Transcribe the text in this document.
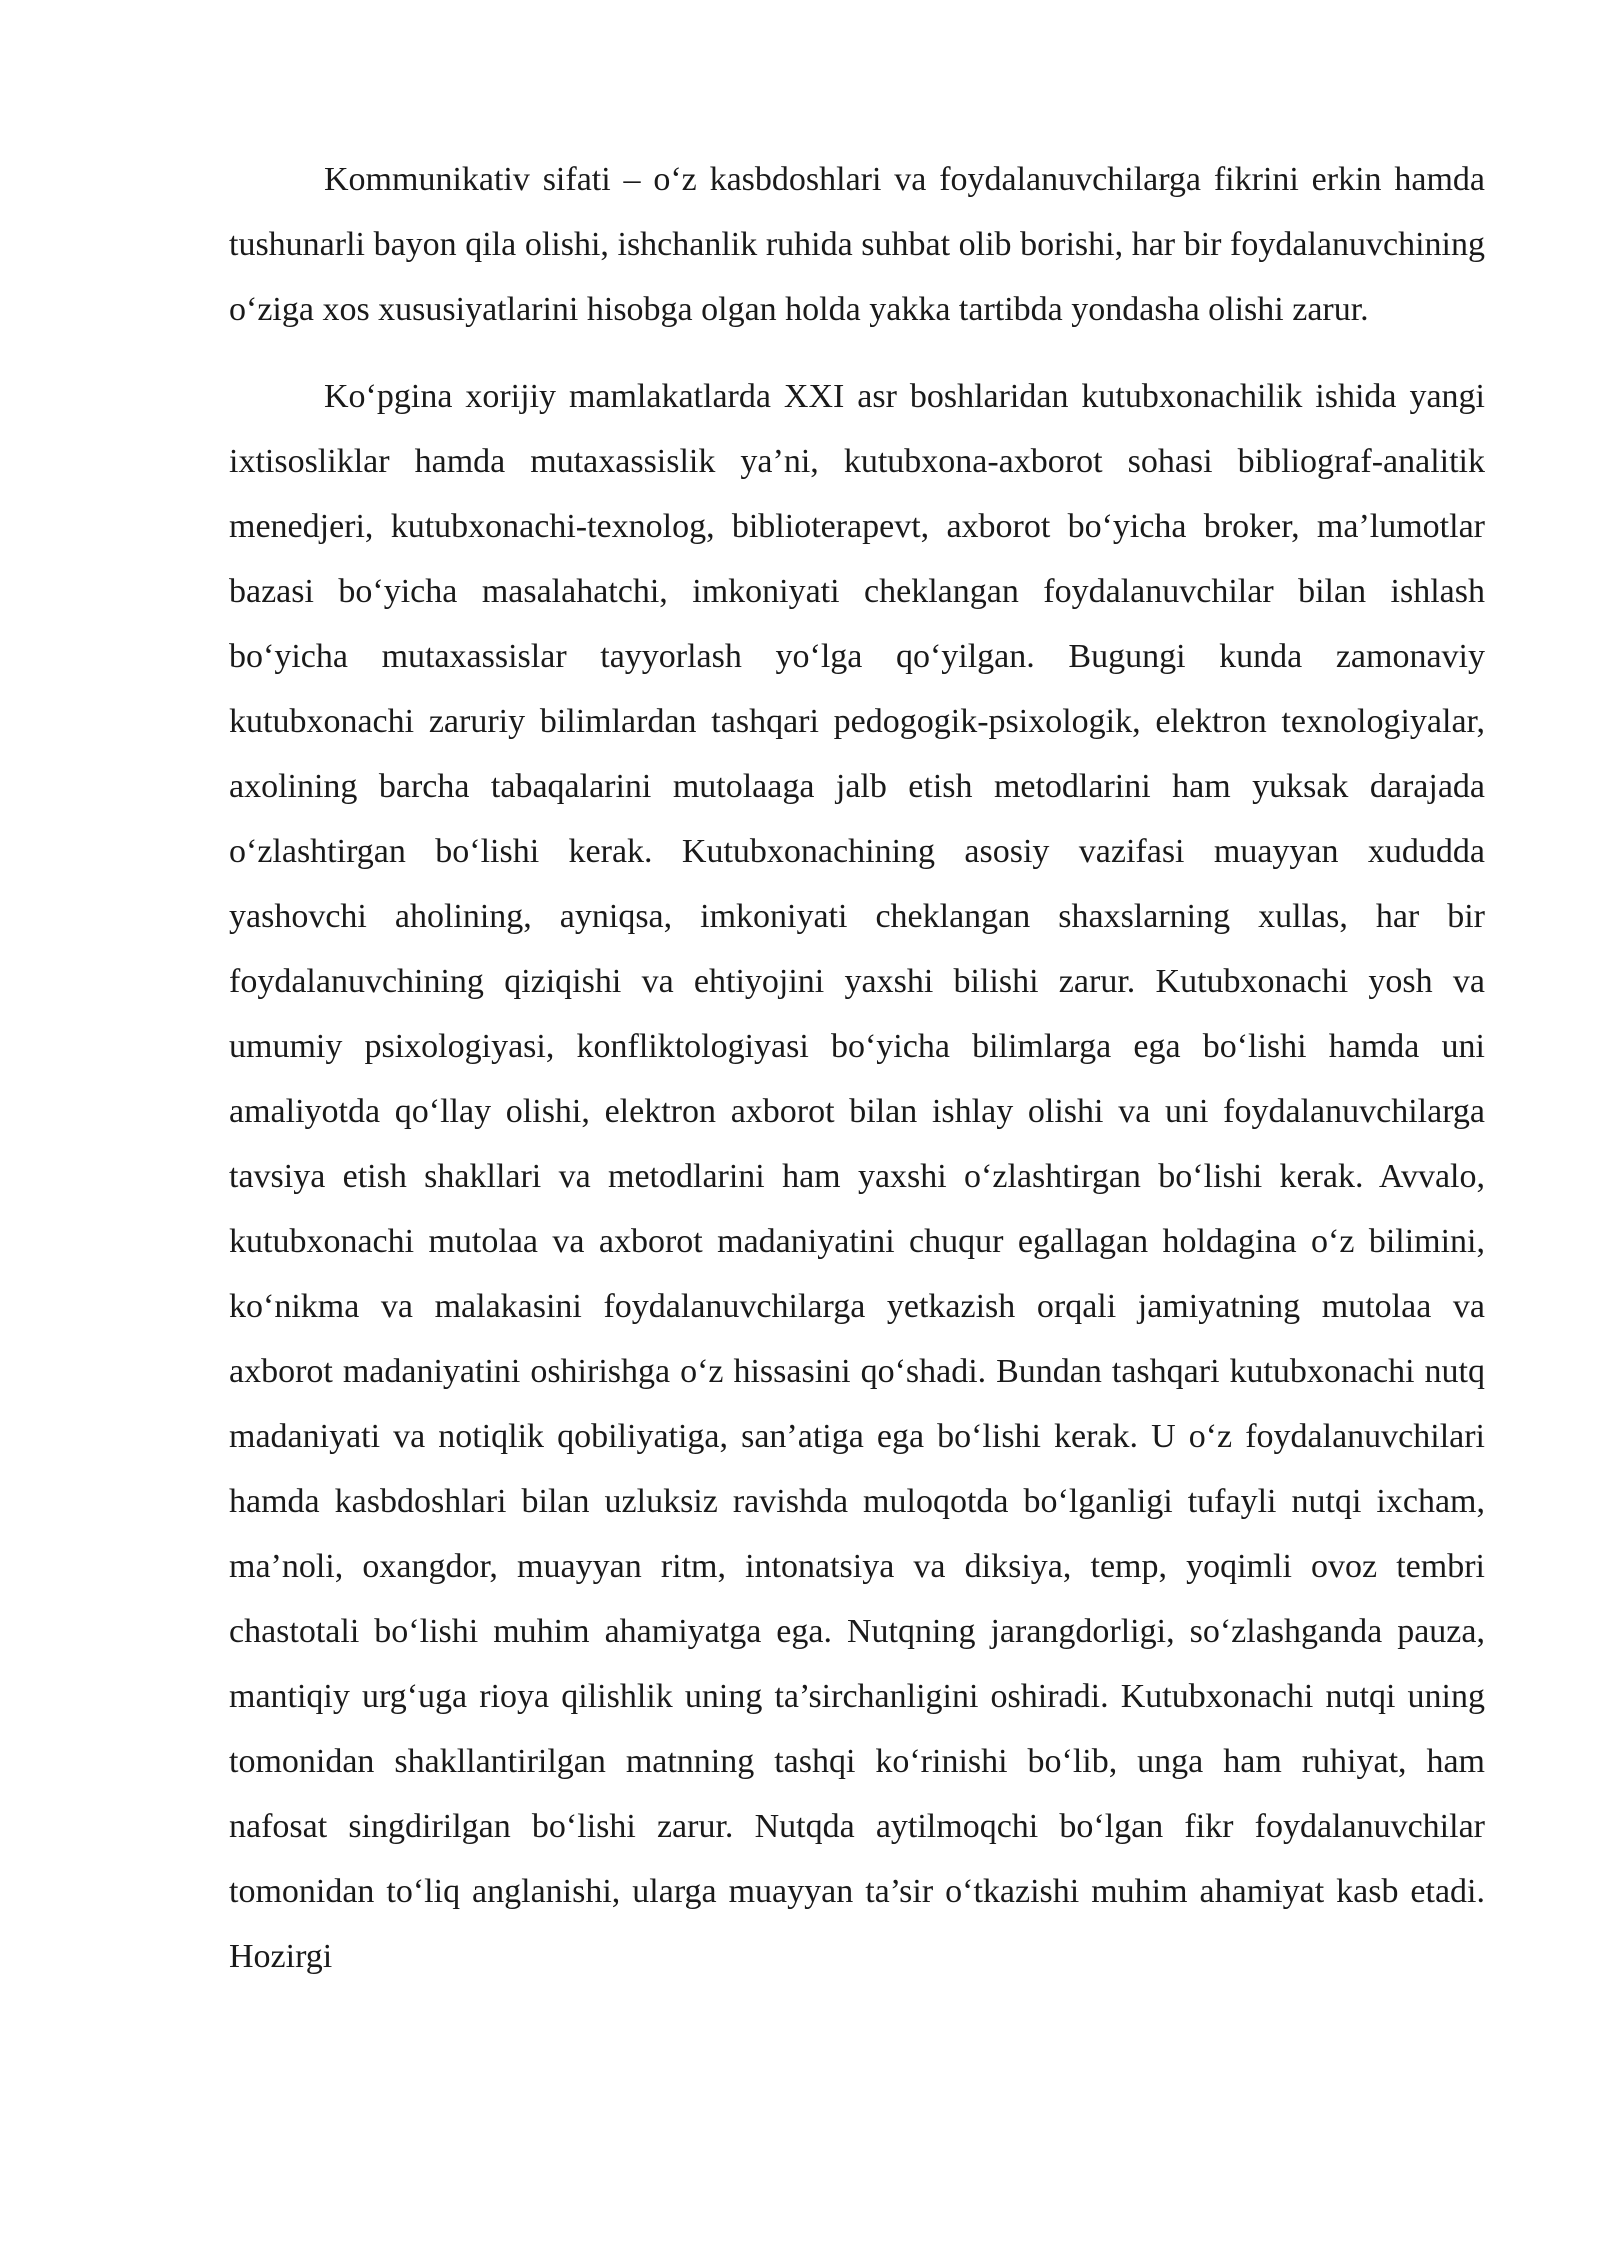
Kommunikativ sifati – o‘z kasbdoshlari va foydalanuvchilarga fikrini erkin hamda tushunarli bayon qila olishi, ishchanlik ruhida suhbat olib borishi, har bir foydalanuvchining o‘ziga xos xususiyatlarini hisobga olgan holda yakka tartibda yondasha olishi zarur.

Ko‘pgina xorijiy mamlakatlarda XXI asr boshlaridan kutubxonachilik ishida yangi ixtisosliklar hamda mutaxassislik ya’ni, kutubxona-axborot sohasi bibliograf-analitik menedjeri, kutubxonachi-texnolog, biblioterapevt, axborot bo‘yicha broker, ma’lumotlar bazasi bo‘yicha masalahatchi, imkoniyati cheklangan foydalanuvchilar bilan ishlash bo‘yicha mutaxassislar tayyorlash yo‘lga qo‘yilgan. Bugungi kunda zamonaviy kutubxonachi zaruriy bilimlardan tashqari pedogogik-psixologik, elektron texnologiyalar, axolining barcha tabaqalarini mutolaaga jalb etish metodlarini ham yuksak darajada o‘zlashtirgan bo‘lishi kerak. Kutubxonachining asosiy vazifasi muayyan xududda yashovchi aholining, ayniqsa, imkoniyati cheklangan shaxslarning xullas, har bir foydalanuvchining qiziqishi va ehtiyojini yaxshi bilishi zarur. Kutubxonachi yosh va umumiy psixologiyasi, konfliktologiyasi bo‘yicha bilimlarga ega bo‘lishi hamda uni amaliyotda qo‘llay olishi, elektron axborot bilan ishlay olishi va uni foydalanuvchilarga tavsiya etish shakllari va metodlarini ham yaxshi o‘zlashtirgan bo‘lishi kerak. Avvalo, kutubxonachi mutolaa va axborot madaniyatini chuqur egallagan holdagina o‘z bilimini, ko‘nikma va malakasini foydalanuvchilarga yetkazish orqali jamiyatning mutolaa va axborot madaniyatini oshirishga o‘z hissasini qo‘shadi. Bundan tashqari kutubxonachi nutq madaniyati va notiqlik qobiliyatiga, san’atiga ega bo‘lishi kerak. U o‘z foydalanuvchilari hamda kasbdoshlari bilan uzluksiz ravishda muloqotda bo‘lganligi tufayli nutqi ixcham, ma’noli, oxangdor, muayyan ritm, intonatsiya va diksiya, temp, yoqimli ovoz tembri chastotali bo‘lishi muhim ahamiyatga ega. Nutqning jarangdorligi, so‘zlashganda pauza, mantiqiy urg‘uga rioya qilishlik uning ta’sirchanligini oshiradi. Kutubxonachi nutqi uning tomonidan shakllantirilgan matnning tashqi ko‘rinishi bo‘lib, unga ham ruhiyat, ham nafosat singdirilgan bo‘lishi zarur. Nutqda aytilmoqchi bo‘lgan fikr foydalanuvchilar tomonidan to‘liq anglanishi, ularga muayyan ta’sir o‘tkazishi muhim ahamiyat kasb etadi. Hozirgi
